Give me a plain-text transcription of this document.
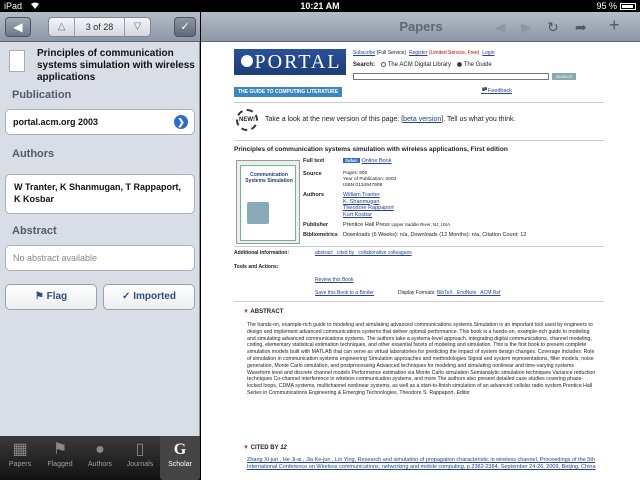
iPad	10:21 AM	95 %
◀	△	3 of 28	▽	✓
Principles of communication systems simulation with wireless applications
Publication
portal.acm.org 2003	❯
Authors
W Tranter, K Shanmugan, T Rappaport, K Kosbar
Abstract
No abstract available
⚑ Flag	✓ Imported
▦
Papers
⚑
Flagged
●
Authors
▯
Journals
G
Scholar
Papers	◀ ▶ ↻ ➦ +
PORTAL	Subscribe (Full Service) Register (Limited Service, Free) Login
Search: The ACM Digital Library The Guide
SEARCH
THE GUIDE TO COMPUTING LITERATURE	🏴Feedback
NEW!	Take a look at the new version of this page: [beta version]. Tell us what you think.
Principles of communication systems simulation with wireless applications, First edition
Communication Systems Simulation
Full text	Safari Online Book
Source	Pages: 800
Year of Publication: 2003
ISBN:0134947908
Authors	William Tranter
K. Shanmugan
Theodore Rappaport
Kurt Kosbar
Publisher	Prentice Hall Press Upper Saddle River, NJ, USA
Bibliometrics Downloads (6 Weeks): n/a, Downloads (12 Months): n/a, Citation Count: 12
Additional Information:	abstract   cited by   collaborative colleagues
Tools and Actions:
Review this Book
Save this Book to a Binder	Display Formats: BibTeX   EndNote   ACM Ref
▼ ABSTRACT
The hands-on, example-rich guide to modeling and simulating advanced communications systems.Simulation is an important tool used by engineers to design and implement advanced communications systems that deliver optimal performance. This book is a hands-on, example-rich guide to modeling and simulating advanced communications systems. The authors take a systems-level approach, integrating digital communications, channel modeling, coding, elementary statistical estimation techniques, and other essential facets of modeling and simulation. This is the first book to present complete simulation models built with MATLAB that can serve as virtual laboratories for predicting the impact of system design changes. Coverage includes: Role of simulation in communication systems engineering Simulation approaches and methodologies Signal and system representations, filter models, noise generation, Monte Carlo simulation, and postprocessing Advanced techniques for modeling and simulating nonlinear and time-varying systems Waveform level and discrete channel models Performance estimation via Monte Carlo simulation Semianalytic simulation techniques Variance reduction techniques Co-channel interference in wireless communication systems, and more The authors also present detailed case studies covering phase-locked loops, CDMA systems, multichannel nonlinear systems, as well as a start-to-finish simulation of an advanced cellular radio system.Prentice Hall Series in Communications Engineering & Emerging Technologies, Theodore S. Rappaport, Editor
▼ CITED BY 12
Zhang Xi-jun , He Ji-ai , Jia Ke-jun , Lin Ying, Research and simulation of propagation characteristic in wireless channel, Proceedings of the 5th International Conference on Wireless communications, networking and mobile computing, p.2382-2384, September 24-26, 2009, Beijing, China
